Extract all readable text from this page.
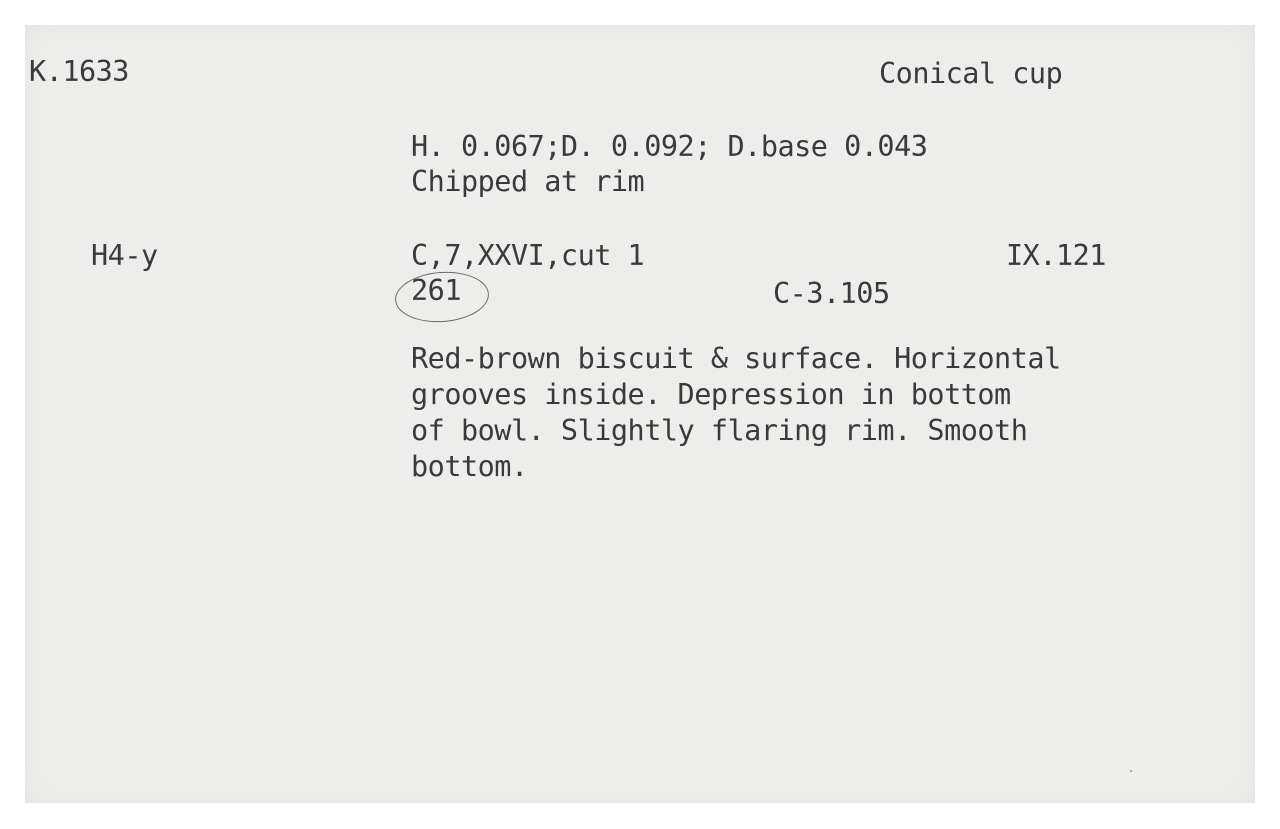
K.1633	Conical cup
H. 0.067;D. 0.092; D.base 0.043
Chipped at rim
H4-y	C,7,XXVI,cut 1	IX.121
261	C-3.105
Red-brown biscuit & surface. Horizontal
grooves inside. Depression in bottom
of bowl. Slightly flaring rim. Smooth
bottom.
